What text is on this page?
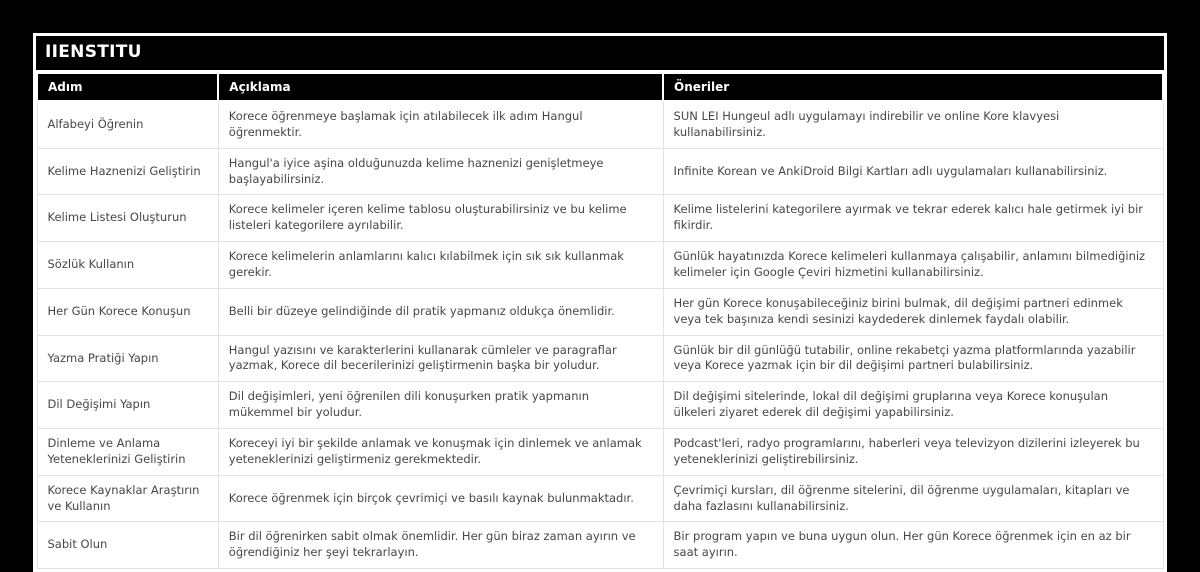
IIENSTITU
Adım	Açıklama	Öneriler
Alfabeyi Öğrenin	Korece öğrenmeye başlamak için atılabilecek ilk adım Hangul öğrenmektir.	SUN LEI Hungeul adlı uygulamayı indirebilir ve online Kore klavyesi kullanabilirsiniz.
Kelime Haznenizi Geliştirin	Hangul'a iyice aşina olduğunuzda kelime haznenizi genişletmeye başlayabilirsiniz.	Infinite Korean ve AnkiDroid Bilgi Kartları adlı uygulamaları kullanabilirsiniz.
Kelime Listesi Oluşturun	Korece kelimeler içeren kelime tablosu oluşturabilirsiniz ve bu kelime listeleri kategorilere ayrılabilir.	Kelime listelerini kategorilere ayırmak ve tekrar ederek kalıcı hale getirmek iyi bir fikirdir.
Sözlük Kullanın	Korece kelimelerin anlamlarını kalıcı kılabilmek için sık sık kullanmak gerekir.	Günlük hayatınızda Korece kelimeleri kullanmaya çalışabilir, anlamını bilmediğiniz kelimeler için Google Çeviri hizmetini kullanabilirsiniz.
Her Gün Korece Konuşun	Belli bir düzeye gelindiğinde dil pratik yapmanız oldukça önemlidir.	Her gün Korece konuşabileceğiniz birini bulmak, dil değişimi partneri edinmek veya tek başınıza kendi sesinizi kaydederek dinlemek faydalı olabilir.
Yazma Pratiği Yapın	Hangul yazısını ve karakterlerini kullanarak cümleler ve paragraflar yazmak, Korece dil becerilerinizi geliştirmenin başka bir yoludur.	Günlük bir dil günlüğü tutabilir, online rekabetçi yazma platformlarında yazabilir veya Korece yazmak için bir dil değişimi partneri bulabilirsiniz.
Dil Değişimi Yapın	Dil değişimleri, yeni öğrenilen dili konuşurken pratik yapmanın mükemmel bir yoludur.	Dil değişimi sitelerinde, lokal dil değişimi gruplarına veya Korece konuşulan ülkeleri ziyaret ederek dil değişimi yapabilirsiniz.
Dinleme ve Anlama Yeteneklerinizi Geliştirin	Koreceyi iyi bir şekilde anlamak ve konuşmak için dinlemek ve anlamak yeteneklerinizi geliştirmeniz gerekmektedir.	Podcast'leri, radyo programlarını, haberleri veya televizyon dizilerini izleyerek bu yeteneklerinizi geliştirebilirsiniz.
Korece Kaynaklar Araştırın ve Kullanın	Korece öğrenmek için birçok çevrimiçi ve basılı kaynak bulunmaktadır.	Çevrimiçi kursları, dil öğrenme sitelerini, dil öğrenme uygulamaları, kitapları ve daha fazlasını kullanabilirsiniz.
Sabit Olun	Bir dil öğrenirken sabit olmak önemlidir. Her gün biraz zaman ayırın ve öğrendiğiniz her şeyi tekrarlayın.	Bir program yapın ve buna uygun olun. Her gün Korece öğrenmek için en az bir saat ayırın.
